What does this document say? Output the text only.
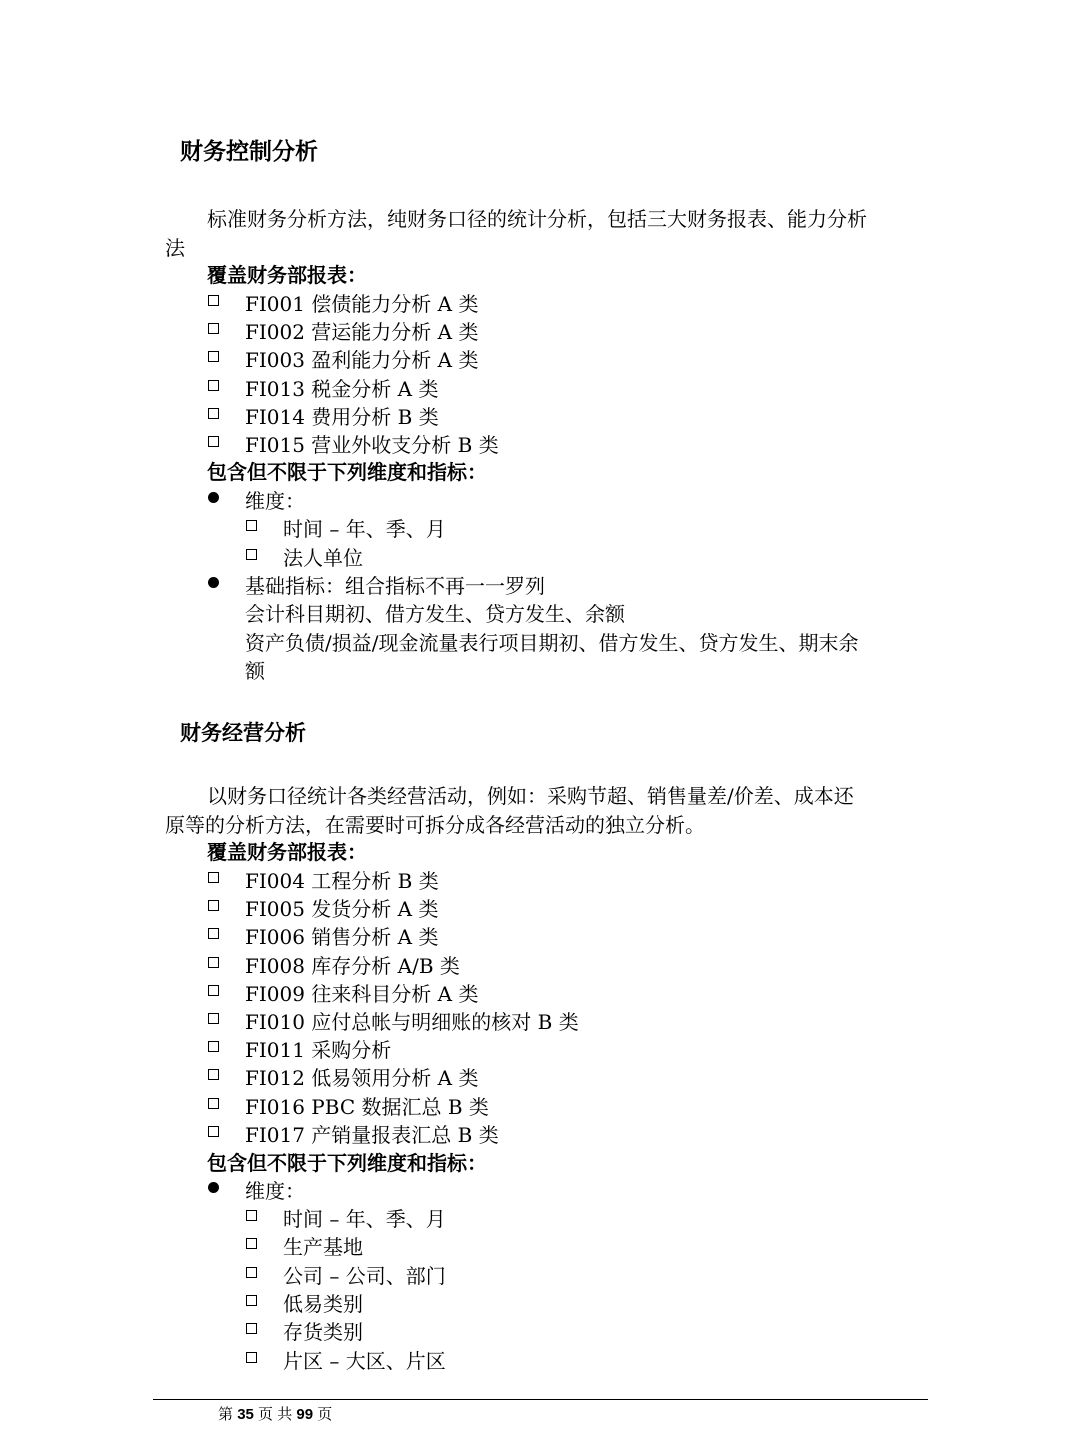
财务控制分析
标准财务分析方法，纯财务口径的统计分析，包括三大财务报表、能力分析
法
覆盖财务部报表：
FI001 偿债能力分析 A 类
FI002 营运能力分析 A 类
FI003 盈利能力分析 A 类
FI013 税金分析 A 类
FI014 费用分析 B 类
FI015 营业外收支分析 B 类
包含但不限于下列维度和指标：
维度：
时间 – 年、季、月
法人单位
基础指标：组合指标不再一一罗列
会计科目期初、借方发生、贷方发生、余额
资产负债/损益/现金流量表行项目期初、借方发生、贷方发生、期末余
额
财务经营分析
以财务口径统计各类经营活动，例如：采购节超、销售量差/价差、成本还
原等的分析方法，在需要时可拆分成各经营活动的独立分析。
覆盖财务部报表：
FI004 工程分析 B 类
FI005 发货分析 A 类
FI006 销售分析 A 类
FI008 库存分析 A/B 类
FI009 往来科目分析 A 类
FI010 应付总帐与明细账的核对 B 类
FI011 采购分析
FI012 低易领用分析 A 类
FI016 PBC 数据汇总 B 类
FI017 产销量报表汇总 B 类
包含但不限于下列维度和指标：
维度：
时间 – 年、季、月
生产基地
公司 – 公司、部门
低易类别
存货类别
片区 – 大区、片区
第 35 页 共 99 页
